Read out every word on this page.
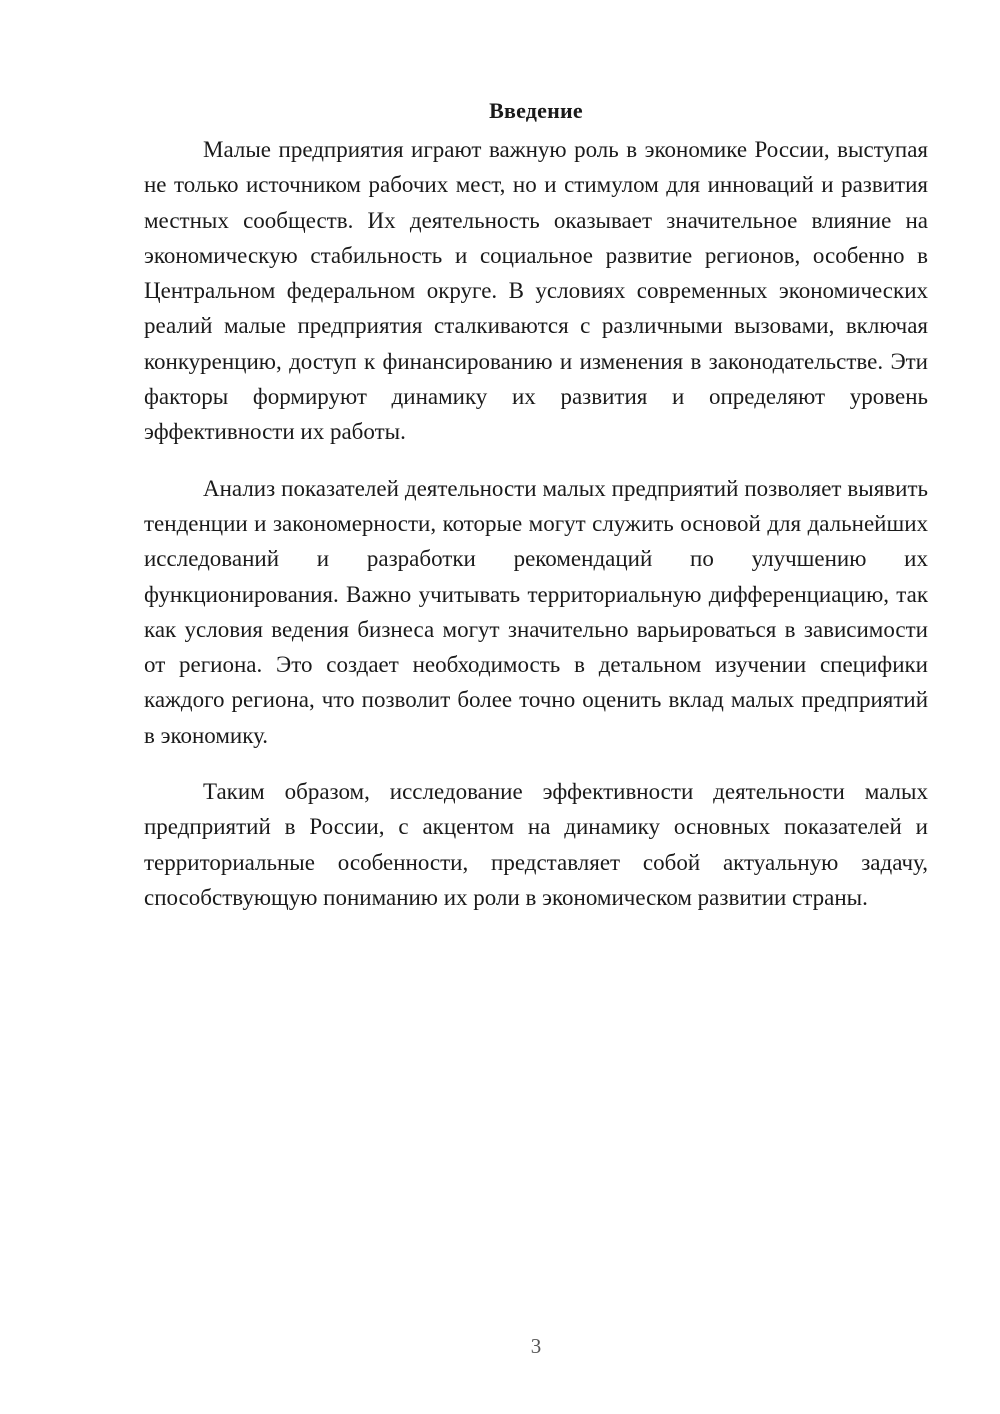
Введение

Малые предприятия играют важную роль в экономике России, выступая не только источником рабочих мест, но и стимулом для инноваций и развития местных сообществ. Их деятельность оказывает значительное влияние на экономическую стабильность и социальное развитие регионов, особенно в Центральном федеральном округе. В условиях современных экономических реалий малые предприятия сталкиваются с различными вызовами, включая конкуренцию, доступ к финансированию и изменения в законодательстве. Эти факторы формируют динамику их развития и определяют уровень эффективности их работы.

Анализ показателей деятельности малых предприятий позволяет выявить тенденции и закономерности, которые могут служить основой для дальнейших исследований и разработки рекомендаций по улучшению их функционирования. Важно учитывать территориальную дифференциацию, так как условия ведения бизнеса могут значительно варьироваться в зависимости от региона. Это создает необходимость в детальном изучении специфики каждого региона, что позволит более точно оценить вклад малых предприятий в экономику.

Таким образом, исследование эффективности деятельности малых предприятий в России, с акцентом на динамику основных показателей и территориальные особенности, представляет собой актуальную задачу, способствующую пониманию их роли в экономическом развитии страны.

3
